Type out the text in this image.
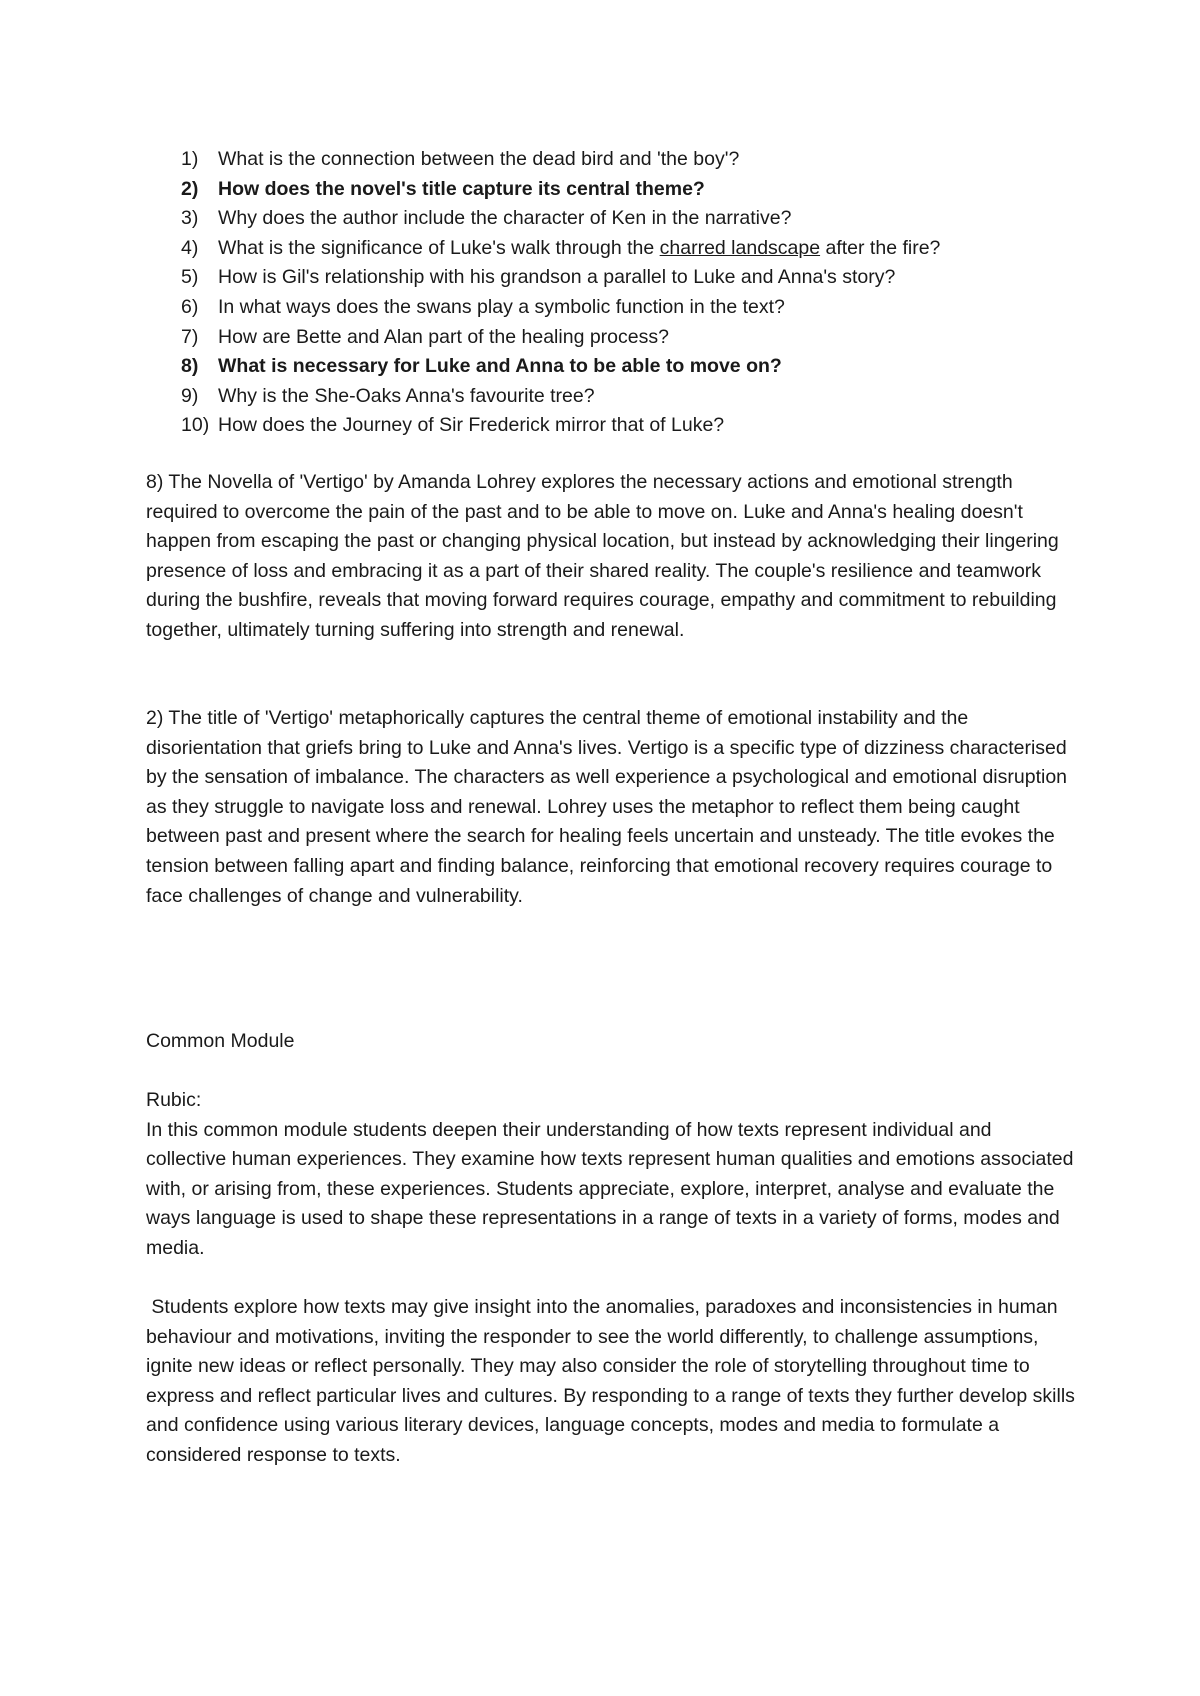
1)	What is the connection between the dead bird and 'the boy'?
2)	How does the novel's title capture its central theme?
3)	Why does the author include the character of Ken in the narrative?
4)	What is the significance of Luke's walk through the charred landscape after the fire?
5)	How is Gil's relationship with his grandson a parallel to Luke and Anna's story?
6)	In what ways does the swans play a symbolic function in the text?
7)	How are Bette and Alan part of the healing process?
8)	What is necessary for Luke and Anna to be able to move on?
9)	Why is the She-Oaks Anna's favourite tree?
10) How does the Journey of Sir Frederick mirror that of Luke?

8) The Novella of 'Vertigo' by Amanda Lohrey explores the necessary actions and emotional strength required to overcome the pain of the past and to be able to move on. Luke and Anna's healing doesn't happen from escaping the past or changing physical location, but instead by acknowledging their lingering presence of loss and embracing it as a part of their shared reality. The couple's resilience and teamwork during the bushfire, reveals that moving forward requires courage, empathy and commitment to rebuilding together, ultimately turning suffering into strength and renewal.

2) The title of 'Vertigo' metaphorically captures the central theme of emotional instability and the disorientation that griefs bring to Luke and Anna's lives. Vertigo is a specific type of dizziness characterised by the sensation of imbalance. The characters as well experience a psychological and emotional disruption as they struggle to navigate loss and renewal. Lohrey uses the metaphor to reflect them being caught between past and present where the search for healing feels uncertain and unsteady. The title evokes the tension between falling apart and finding balance, reinforcing that emotional recovery requires courage to face challenges of change and vulnerability.

Common Module

Rubic:

In this common module students deepen their understanding of how texts represent individual and collective human experiences. They examine how texts represent human qualities and emotions associated with, or arising from, these experiences. Students appreciate, explore, interpret, analyse and evaluate the ways language is used to shape these representations in a range of texts in a variety of forms, modes and media.

Students explore how texts may give insight into the anomalies, paradoxes and inconsistencies in human behaviour and motivations, inviting the responder to see the world differently, to challenge assumptions, ignite new ideas or reflect personally. They may also consider the role of storytelling throughout time to express and reflect particular lives and cultures. By responding to a range of texts they further develop skills and confidence using various literary devices, language concepts, modes and media to formulate a considered response to texts.
